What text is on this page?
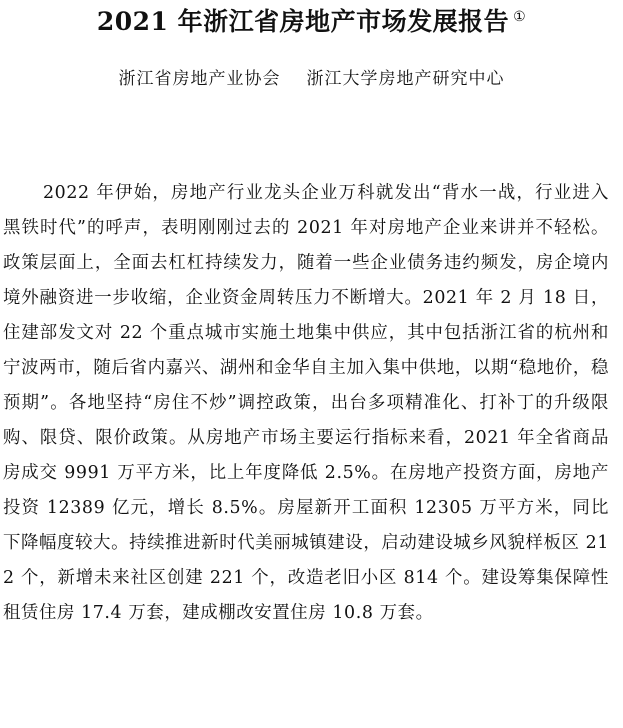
2021 年浙江省房地产市场发展报告 ①
浙江省房地产业协会 浙江大学房地产研究中心

2022 年伊始，房地产行业龙头企业万科就发出“背水一战，行业进入黑铁时代”的呼声，表明刚刚过去的 2021 年对房地产企业来讲并不轻松。政策层面上，全面去杠杠持续发力，随着一些企业债务违约频发，房企境内境外融资进一步收缩，企业资金周转压力不断增大。2021 年 2 月 18 日，住建部发文对 22 个重点城市实施土地集中供应，其中包括浙江省的杭州和宁波两市，随后省内嘉兴、湖州和金华自主加入集中供地，以期“稳地价，稳预期”。各地坚持“房住不炒”调控政策，出台多项精准化、打补丁的升级限购、限贷、限价政策。从房地产市场主要运行指标来看，2021 年全省商品房成交 9991 万平方米，比上年度降低 2.5%。在房地产投资方面，房地产投资 12389 亿元，增长 8.5%。房屋新开工面积 12305 万平方米，同比下降幅度较大。持续推进新时代美丽城镇建设，启动建设城乡风貌样板区 212 个，新增未来社区创建 221 个，改造老旧小区 814 个。建设筹集保障性租赁住房 17.4 万套，建成棚改安置住房 10.8 万套。
